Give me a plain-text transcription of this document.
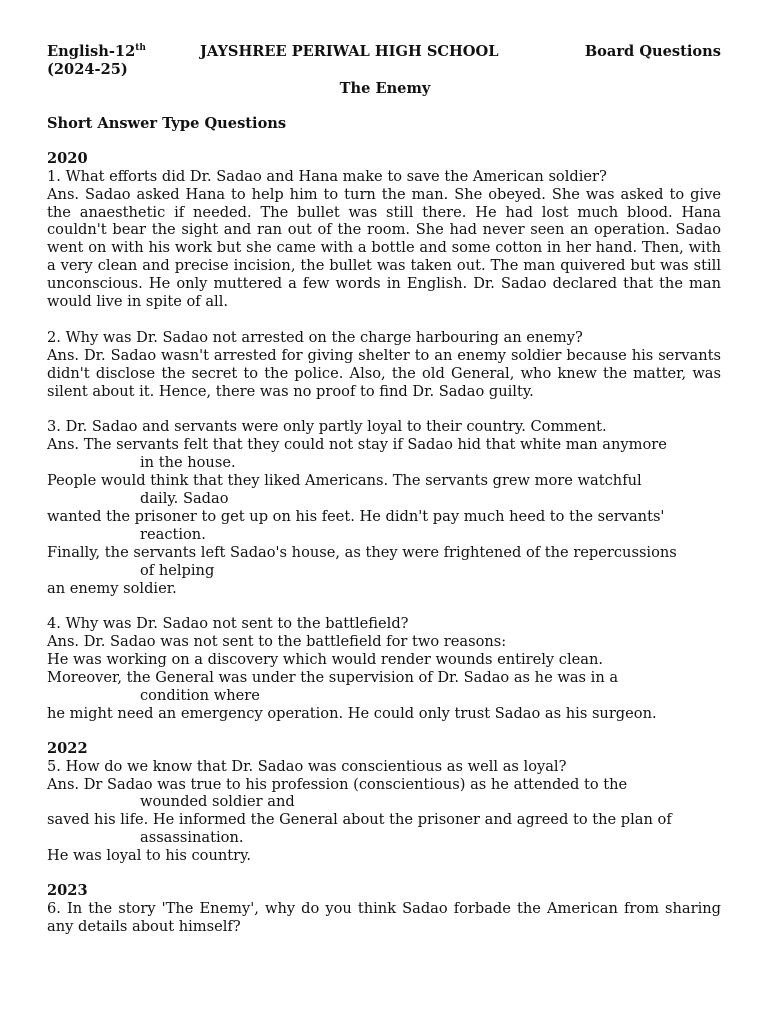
English-12th
(2024-25)
JAYSHREE PERIWAL HIGH SCHOOL	Board Questions
The Enemy
Short Answer Type Questions
2020

1. What efforts did Dr. Sadao and Hana make to save the American soldier?

Ans. Sadao asked Hana to help him to turn the man. She obeyed. She was asked to give the anaesthetic if needed. The bullet was still there. He had lost much blood. Hana couldn't bear the sight and ran out of the room. She had never seen an operation. Sadao went on with his work but she came with a bottle and some cotton in her hand. Then, with a very clean and precise incision, the bullet was taken out. The man quivered but was still unconscious. He only muttered a few words in English. Dr. Sadao declared that the man would live in spite of all.

2. Why was Dr. Sadao not arrested on the charge harbouring an enemy?

Ans. Dr. Sadao wasn't arrested for giving shelter to an enemy soldier because his servants didn't disclose the secret to the police. Also, the old General, who knew the matter, was silent about it. Hence, there was no proof to find Dr. Sadao guilty.

3. Dr. Sadao and servants were only partly loyal to their country. Comment.

Ans. The servants felt that they could not stay if Sadao hid that white man anymore

in the house.

People would think that they liked Americans. The servants grew more watchful

daily. Sadao

wanted the prisoner to get up on his feet. He didn't pay much heed to the servants'

reaction.

Finally, the servants left Sadao's house, as they were frightened of the repercussions

of helping

an enemy soldier.

4. Why was Dr. Sadao not sent to the battlefield?

Ans. Dr. Sadao was not sent to the battlefield for two reasons:

He was working on a discovery which would render wounds entirely clean.

Moreover, the General was under the supervision of Dr. Sadao as he was in a

condition where

he might need an emergency operation. He could only trust Sadao as his surgeon.

2022

5. How do we know that Dr. Sadao was conscientious as well as loyal?

Ans. Dr Sadao was true to his profession (conscientious) as he attended to the

wounded soldier and

saved his life. He informed the General about the prisoner and agreed to the plan of

assassination.

He was loyal to his country.

2023

6. In the story 'The Enemy', why do you think Sadao forbade the American from sharing any details about himself?
